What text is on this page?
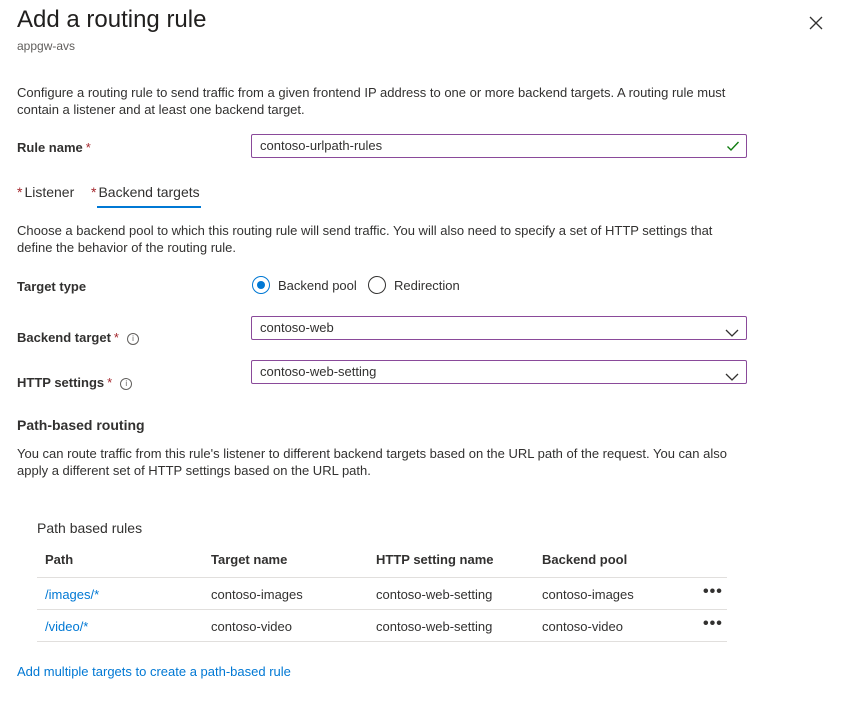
Add a routing rule
appgw-avs
Configure a routing rule to send traffic from a given frontend IP address to one or more backend targets. A routing rule must contain a listener and at least one backend target.
Rule name *	contoso-urlpath-rules
* Listener * Backend targets
Choose a backend pool to which this routing rule will send traffic. You will also need to specify a set of HTTP settings that define the behavior of the routing rule.
Target type	Backend pool	Redirection
Backend target * i
contoso-web
HTTP settings * i
contoso-web-setting
Path-based routing
You can route traffic from this rule's listener to different backend targets based on the URL path of the request. You can also apply a different set of HTTP settings based on the URL path.
Path based rules
Path	Target name	HTTP setting name	Backend pool
/images/*	contoso-images	contoso-web-setting	contoso-images	•••
/video/*	contoso-video	contoso-web-setting	contoso-video	•••
Add multiple targets to create a path-based rule
